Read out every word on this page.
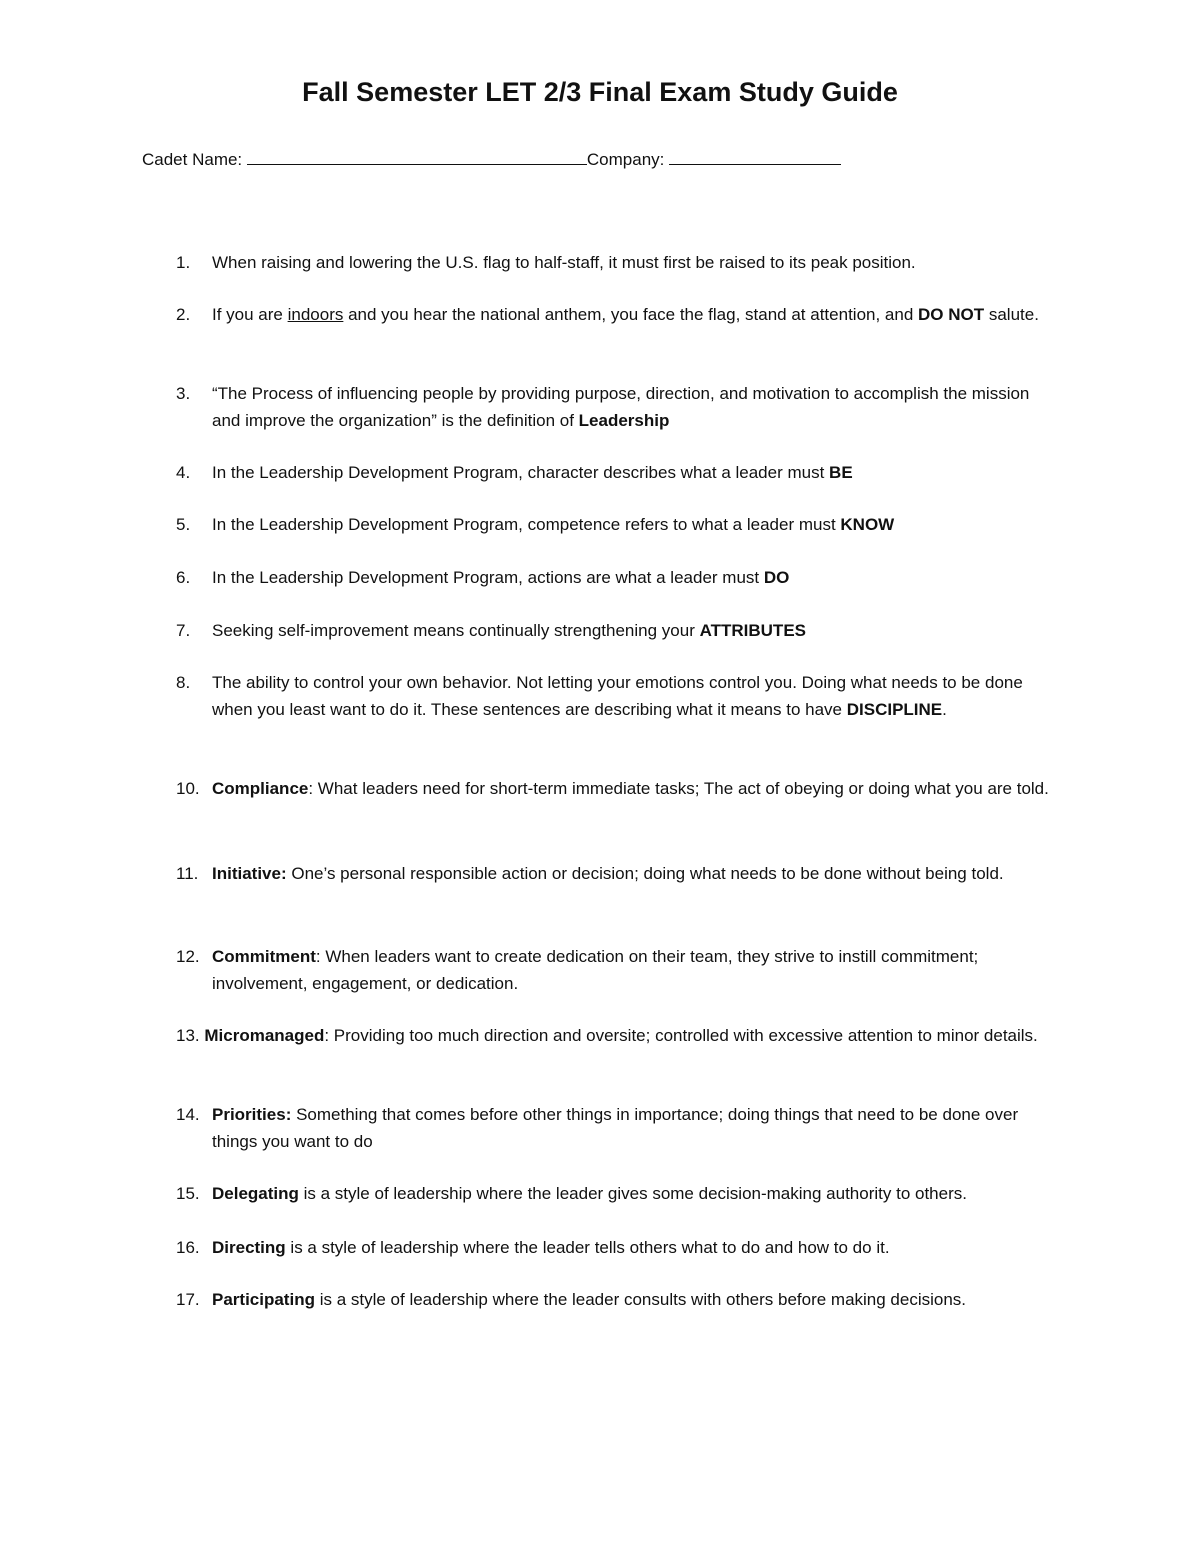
Fall Semester LET 2/3 Final Exam Study Guide
Cadet Name:	Company:
1.	When raising and lowering the U.S. flag to half-staff, it must first be raised to its peak position.
2.	If you are indoors and you hear the national anthem, you face the flag, stand at attention, and DO NOT salute.
3.	“The Process of influencing people by providing purpose, direction, and motivation to accomplish the mission and improve the organization” is the definition of Leadership
4.	In the Leadership Development Program, character describes what a leader must BE
5.	In the Leadership Development Program, competence refers to what a leader must KNOW
6.	In the Leadership Development Program, actions are what a leader must DO
7.	Seeking self-improvement means continually strengthening your ATTRIBUTES
8.	The ability to control your own behavior. Not letting your emotions control you. Doing what needs to be done when you least want to do it. These sentences are describing what it means to have DISCIPLINE.
10. Compliance: What leaders need for short-term immediate tasks; The act of obeying or doing what you are told.
11. Initiative: One’s personal responsible action or decision; doing what needs to be done without being told.
12. Commitment: When leaders want to create dedication on their team, they strive to instill commitment; involvement, engagement, or dedication.
13. Micromanaged: Providing too much direction and oversite; controlled with excessive attention to minor details.
14. Priorities: Something that comes before other things in importance; doing things that need to be done over things you want to do
15. Delegating is a style of leadership where the leader gives some decision-making authority to others.
16. Directing is a style of leadership where the leader tells others what to do and how to do it.
17. Participating is a style of leadership where the leader consults with others before making decisions.
